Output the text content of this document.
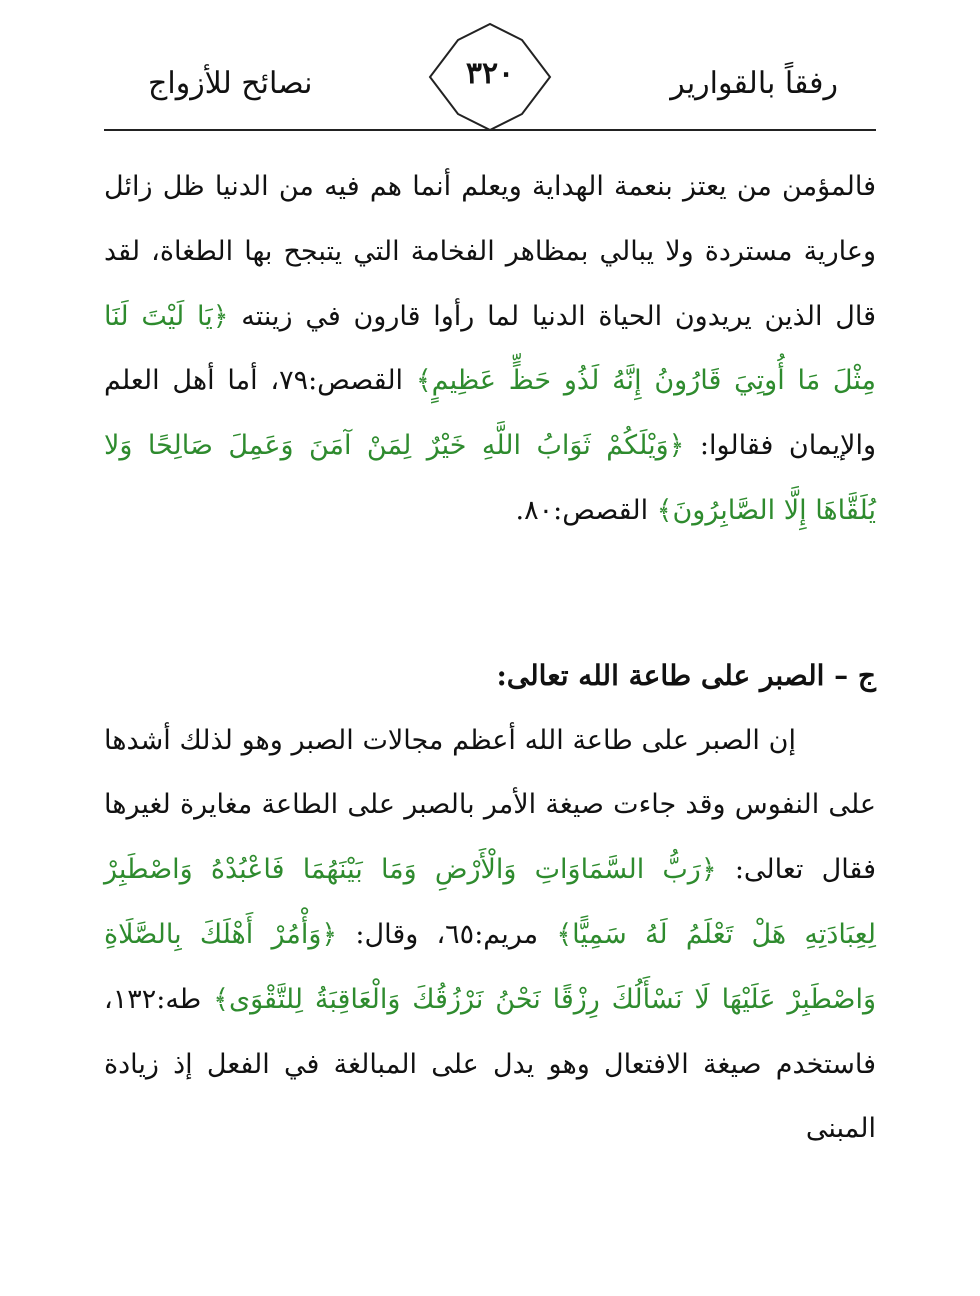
رفقاً بالقوارير
٣٢٠
نصائح للأزواج

فالمؤمن من يعتز بنعمة الهداية ويعلم أنما هم فيه من الدنيا ظل زائل وعارية مستردة ولا يبالي بمظاهر الفخامة التي يتبجح بها الطغاة، لقد قال الذين يريدون الحياة الدنيا لما رأوا قارون في زينته ﴿يَا لَيْتَ لَنَا مِثْلَ مَا أُوتِيَ قَارُونُ إِنَّهُ لَذُو حَظٍّ عَظِيمٍ﴾ القصص:٧٩، أما أهل العلم والإيمان فقالوا: ﴿وَيْلَكُمْ ثَوَابُ اللَّهِ خَيْرٌ لِمَنْ آمَنَ وَعَمِلَ صَالِحًا وَلا يُلَقَّاهَا إِلَّا الصَّابِرُونَ﴾ القصص:٨٠.

ج – الصبر على طاعة الله تعالى:

إن الصبر على طاعة الله أعظم مجالات الصبر وهو لذلك أشدها على النفوس وقد جاءت صيغة الأمر بالصبر على الطاعة مغايرة لغيرها فقال تعالى: ﴿رَبُّ السَّمَاوَاتِ وَالْأَرْضِ وَمَا بَيْنَهُمَا فَاعْبُدْهُ وَاصْطَبِرْ لِعِبَادَتِهِ هَلْ تَعْلَمُ لَهُ سَمِيًّا﴾ مريم:٦٥، وقال: ﴿وَأْمُرْ أَهْلَكَ بِالصَّلَاةِ وَاصْطَبِرْ عَلَيْهَا لَا نَسْأَلُكَ رِزْقًا نَحْنُ نَرْزُقُكَ وَالْعَاقِبَةُ لِلتَّقْوَى﴾ طه:١٣٢، فاستخدم صيغة الافتعال وهو يدل على المبالغة في الفعل إذ زيادة المبنى
